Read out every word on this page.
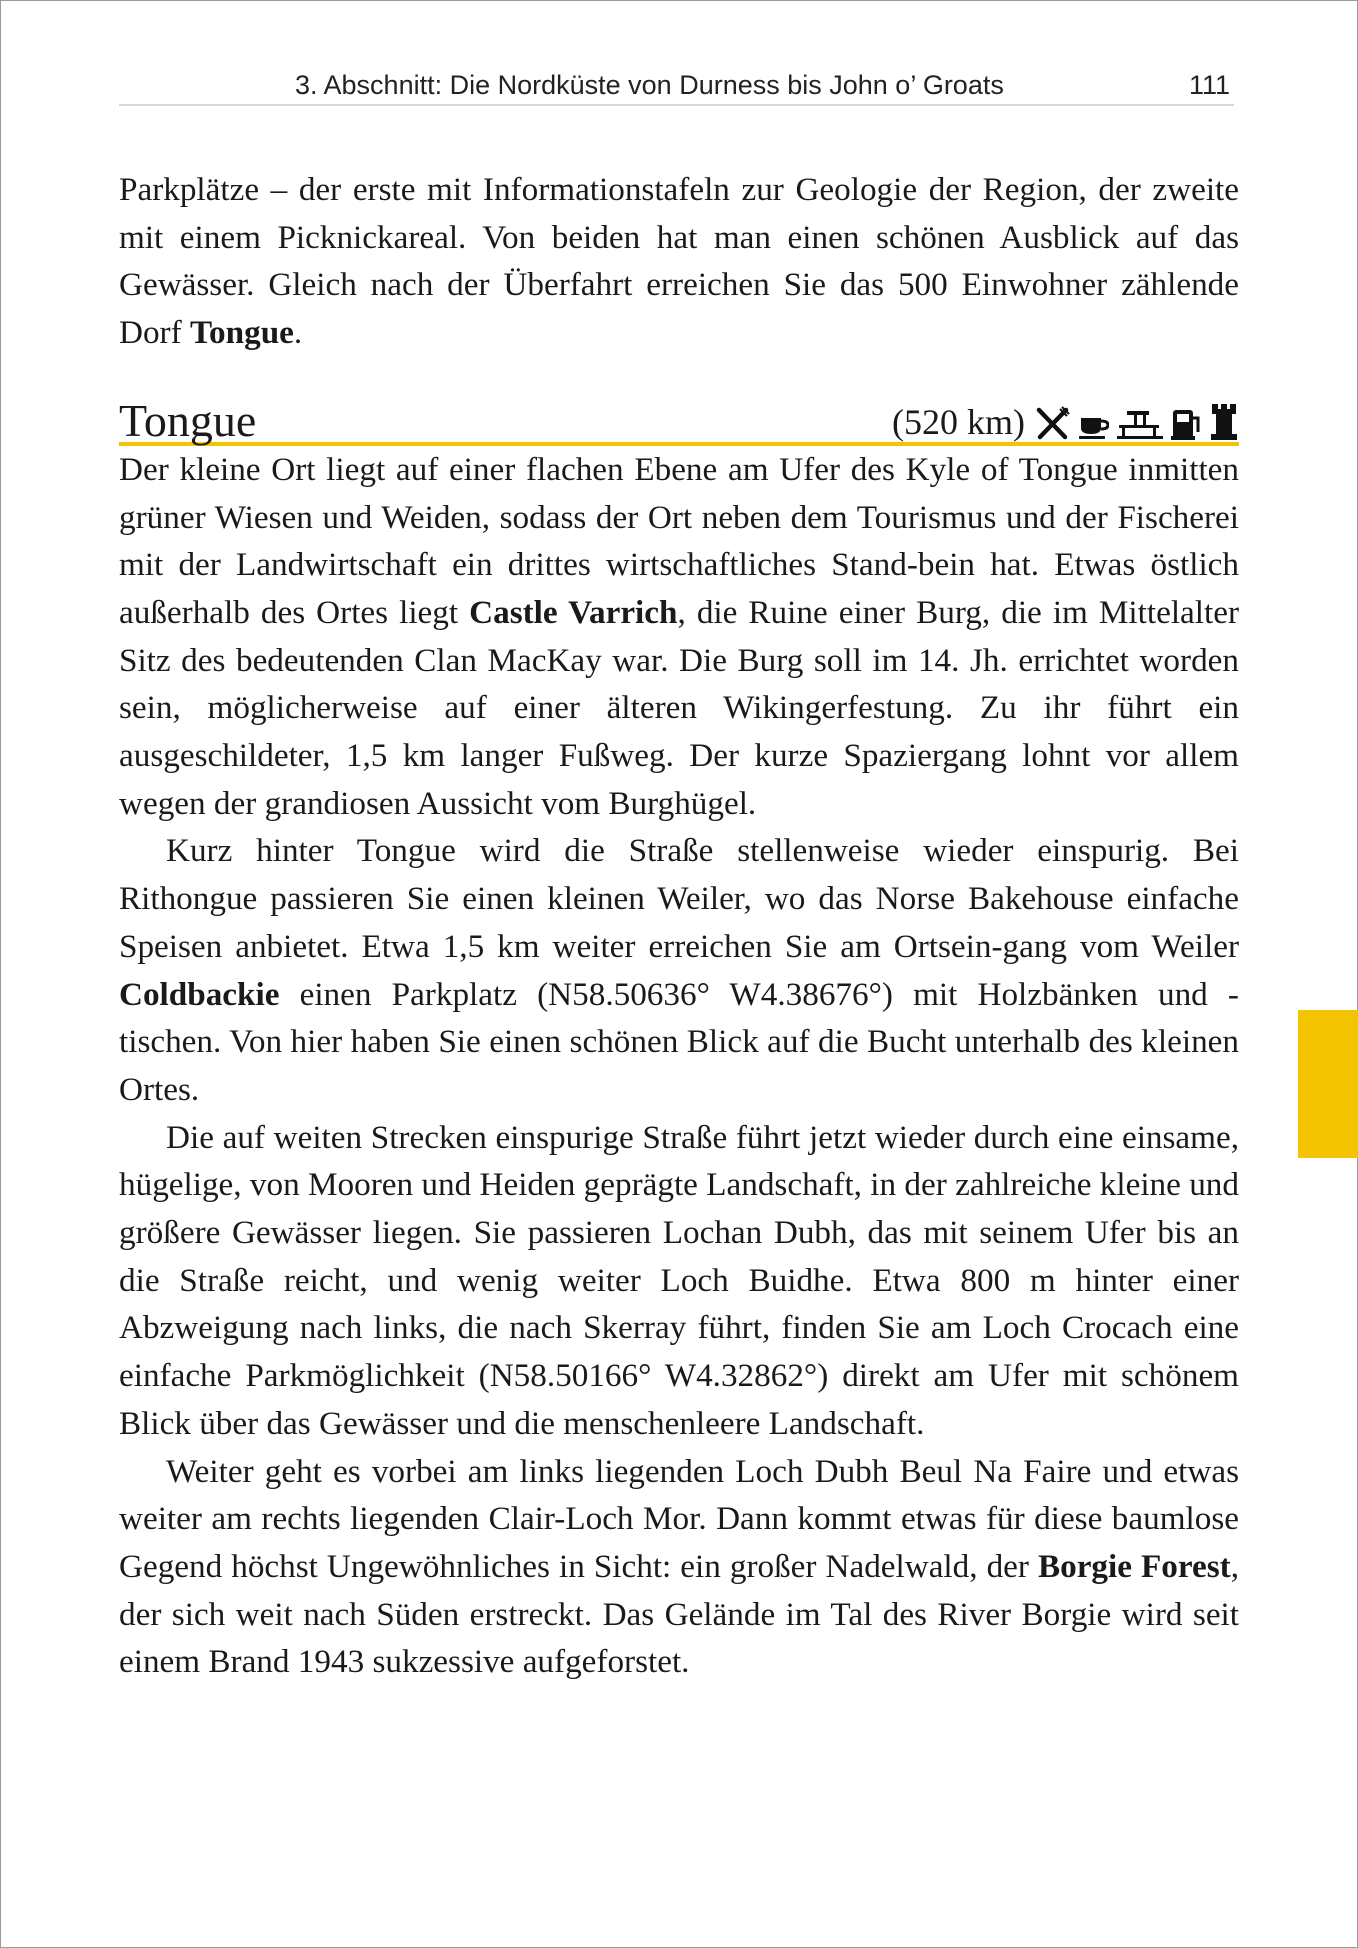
3. Abschnitt: Die Nordküste von Durness bis John o’ Groats	111

Parkplätze – der erste mit Informationstafeln zur Geologie der Region, der zweite mit einem Picknickareal. Von beiden hat man einen schönen Ausblick auf das Gewässer. Gleich nach der Überfahrt erreichen Sie das 500 Einwohner zählende Dorf Tongue.

Tongue	(520 km)

Der kleine Ort liegt auf einer flachen Ebene am Ufer des Kyle of Tongue inmitten grüner Wiesen und Weiden, sodass der Ort neben dem Tourismus und der Fischerei mit der Landwirtschaft ein drittes wirtschaftliches Stand-bein hat. Etwas östlich außerhalb des Ortes liegt Castle Varrich, die Ruine einer Burg, die im Mittelalter Sitz des bedeutenden Clan MacKay war. Die Burg soll im 14. Jh. errichtet worden sein, möglicherweise auf einer älteren Wikingerfestung. Zu ihr führt ein ausgeschildeter, 1,5 km langer Fußweg. Der kurze Spaziergang lohnt vor allem wegen der grandiosen Aussicht vom Burghügel.

Kurz hinter Tongue wird die Straße stellenweise wieder einspurig. Bei Rithongue passieren Sie einen kleinen Weiler, wo das Norse Bakehouse einfache Speisen anbietet. Etwa 1,5 km weiter erreichen Sie am Ortsein-gang vom Weiler Coldbackie einen Parkplatz (N58.50636° W4.38676°) mit Holzbänken und -tischen. Von hier haben Sie einen schönen Blick auf die Bucht unterhalb des kleinen Ortes.

Die auf weiten Strecken einspurige Straße führt jetzt wieder durch eine einsame, hügelige, von Mooren und Heiden geprägte Landschaft, in der zahlreiche kleine und größere Gewässer liegen. Sie passieren Lochan Dubh, das mit seinem Ufer bis an die Straße reicht, und wenig weiter Loch Buidhe. Etwa 800 m hinter einer Abzweigung nach links, die nach Skerray führt, finden Sie am Loch Crocach eine einfache Parkmöglichkeit (N58.50166° W4.32862°) direkt am Ufer mit schönem Blick über das Gewässer und die menschenleere Landschaft.

Weiter geht es vorbei am links liegenden Loch Dubh Beul Na Faire und etwas weiter am rechts liegenden Clair-Loch Mor. Dann kommt etwas für diese baumlose Gegend höchst Ungewöhnliches in Sicht: ein großer Nadelwald, der Borgie Forest, der sich weit nach Süden erstreckt. Das Gelände im Tal des River Borgie wird seit einem Brand 1943 sukzessive aufgeforstet.
